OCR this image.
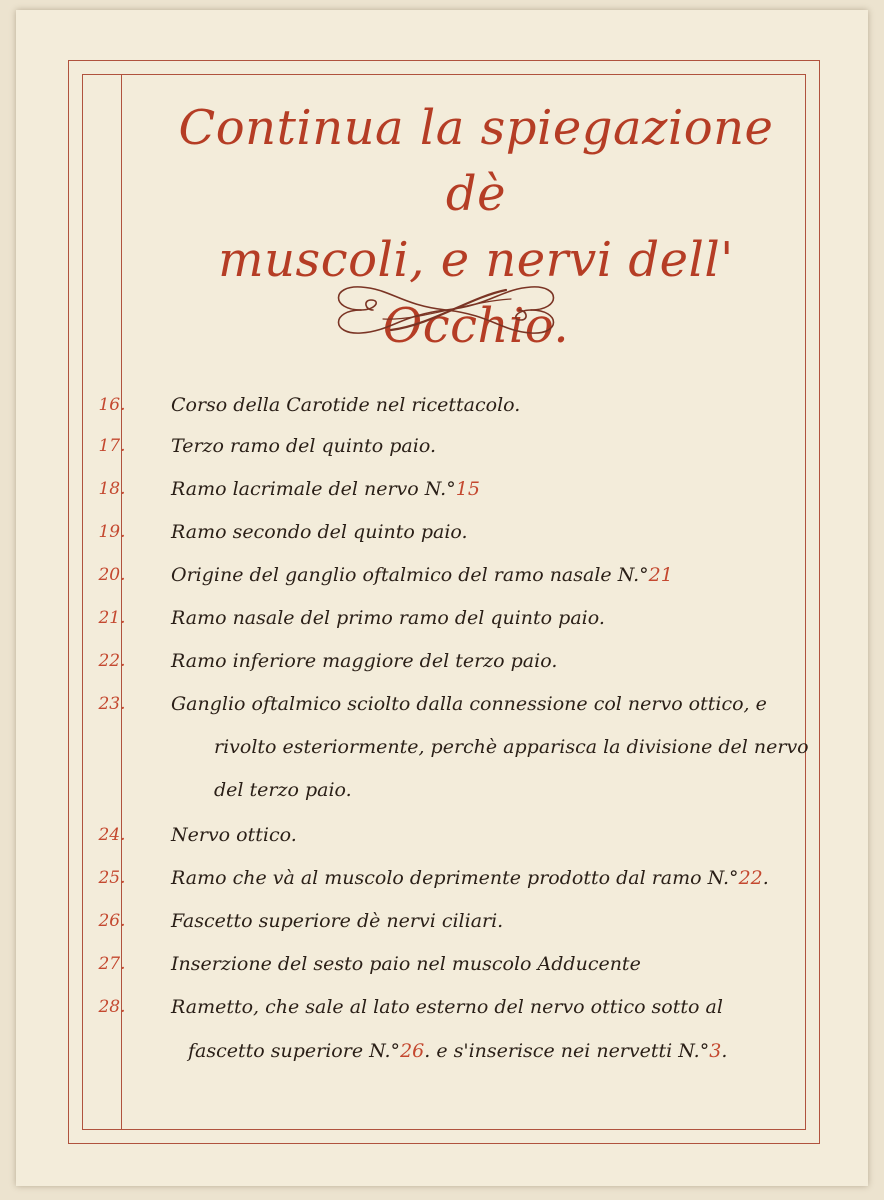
Continua la spiegazione dè
muscoli, e nervi dell' Occhio.
16.	Corso della Carotide nel ricettacolo.
17.	Terzo ramo del quinto paio.
18.	Ramo lacrimale del nervo N.°15
19.	Ramo secondo del quinto paio.
20.	Origine del ganglio oftalmico del ramo nasale N.°21
21.	Ramo nasale del primo ramo del quinto paio.
22.	Ramo inferiore maggiore del terzo paio.
23.	Ganglio oftalmico sciolto dalla connessione col nervo ottico, e
rivolto esteriormente, perchè apparisca la divisione del nervo
del terzo paio.
24.	Nervo ottico.
25.	Ramo che và al muscolo deprimente prodotto dal ramo N.°22.
26.	Fascetto superiore dè nervi ciliari.
27.	Inserzione del sesto paio nel muscolo Adducente
28.	Rametto, che sale al lato esterno del nervo ottico sotto al
fascetto superiore N.°26. e s'inserisce nei nervetti N.°3.
